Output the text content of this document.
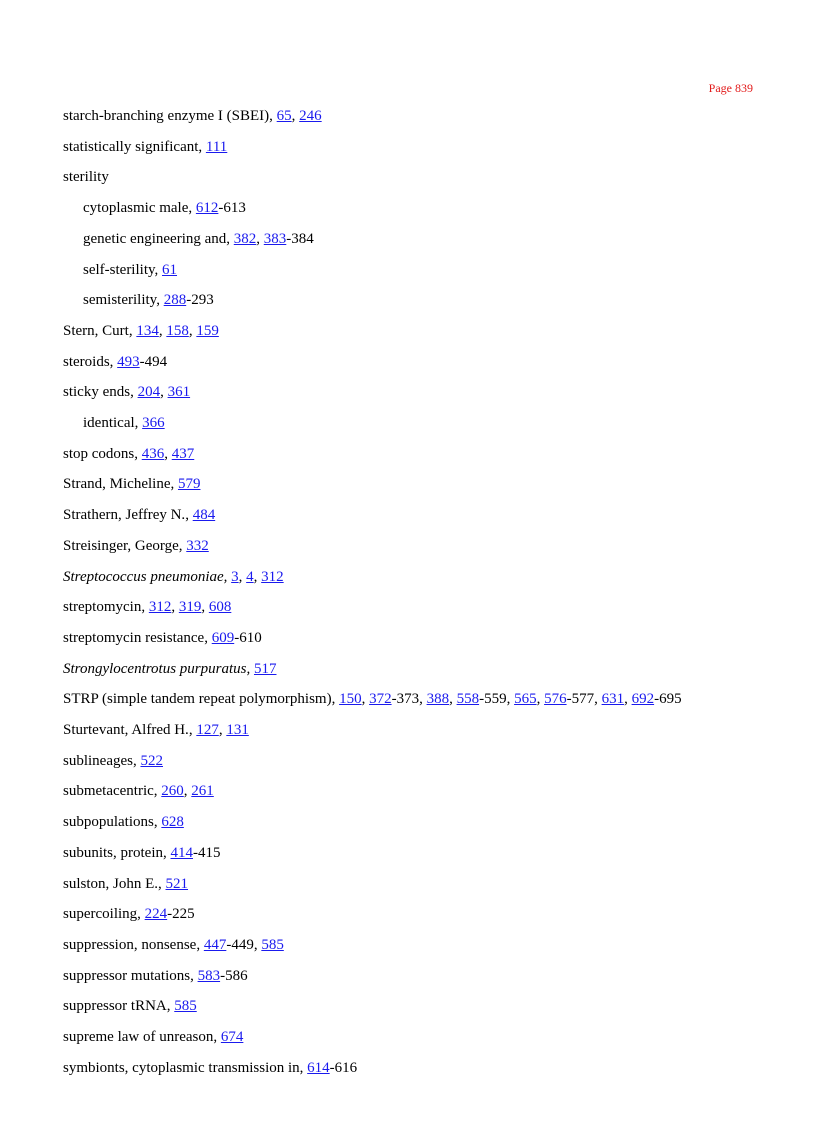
Page 839
starch-branching enzyme I (SBEI), 65, 246
statistically significant, 111
sterility
cytoplasmic male, 612-613
genetic engineering and, 382, 383-384
self-sterility, 61
semisterility, 288-293
Stern, Curt, 134, 158, 159
steroids, 493-494
sticky ends, 204, 361
identical, 366
stop codons, 436, 437
Strand, Micheline, 579
Strathern, Jeffrey N., 484
Streisinger, George, 332
Streptococcus pneumoniae, 3, 4, 312
streptomycin, 312, 319, 608
streptomycin resistance, 609-610
Strongylocentrotus purpuratus, 517
STRP (simple tandem repeat polymorphism), 150, 372-373, 388, 558-559, 565, 576-577, 631, 692-695
Sturtevant, Alfred H., 127, 131
sublineages, 522
submetacentric, 260, 261
subpopulations, 628
subunits, protein, 414-415
sulston, John E., 521
supercoiling, 224-225
suppression, nonsense, 447-449, 585
suppressor mutations, 583-586
suppressor tRNA, 585
supreme law of unreason, 674
symbionts, cytoplasmic transmission in, 614-616
